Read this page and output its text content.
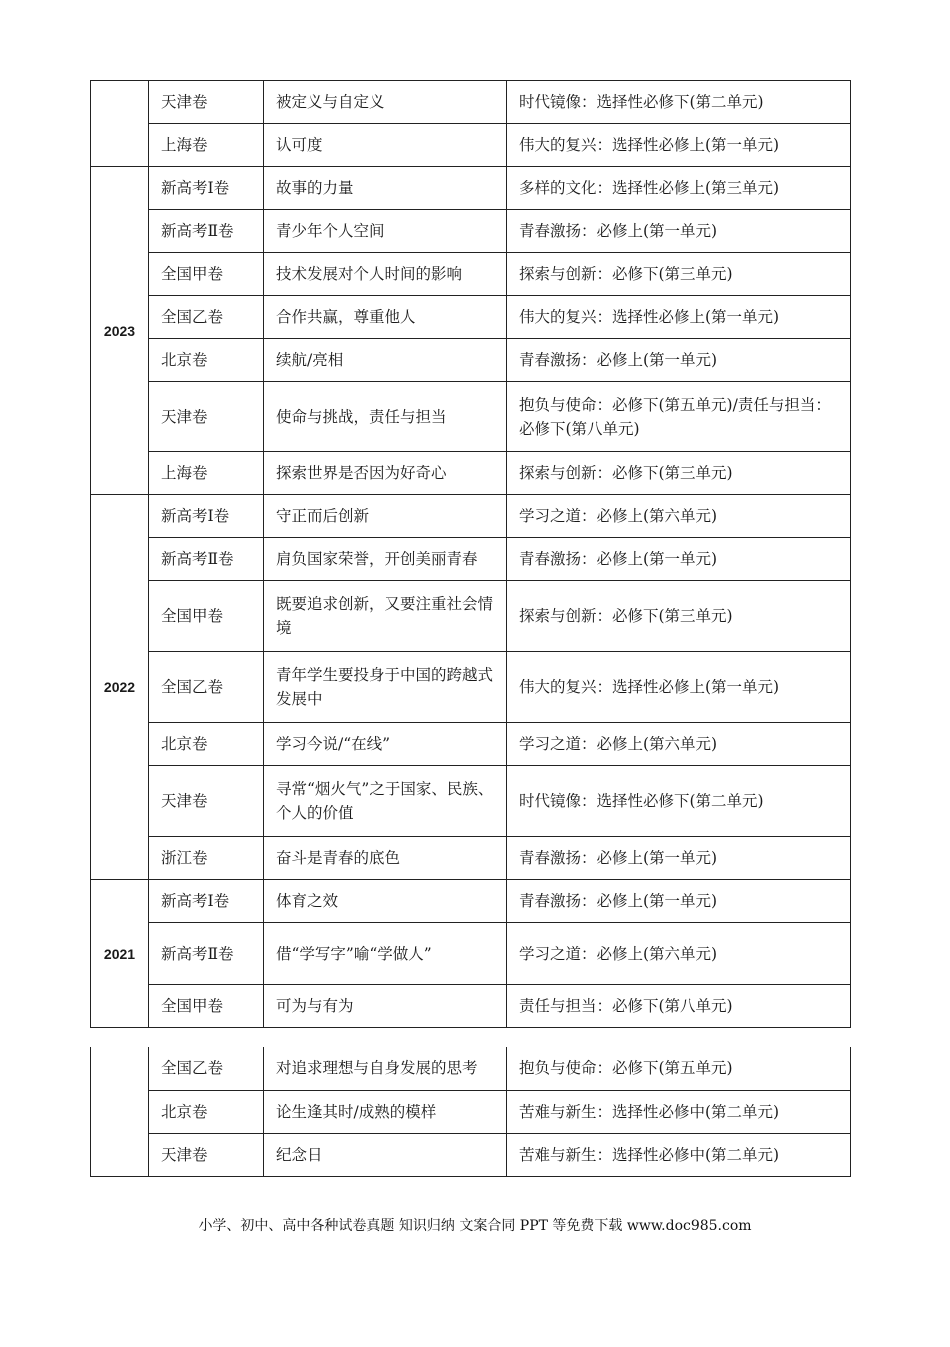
	天津卷	被定义与自定义	时代镜像：选择性必修下(第二单元)
	上海卷	认可度	伟大的复兴：选择性必修上(第一单元)
2023	新高考Ⅰ卷	故事的力量	多样的文化：选择性必修上(第三单元)
	新高考Ⅱ卷	青少年个人空间	青春激扬：必修上(第一单元)
	全国甲卷	技术发展对个人时间的影响	探索与创新：必修下(第三单元)
	全国乙卷	合作共赢，尊重他人	伟大的复兴：选择性必修上(第一单元)
	北京卷	续航/亮相	青春激扬：必修上(第一单元)
	天津卷	使命与挑战，责任与担当	抱负与使命：必修下(第五单元)/责任与担当：必修下(第八单元)
	上海卷	探索世界是否因为好奇心	探索与创新：必修下(第三单元)
2022	新高考Ⅰ卷	守正而后创新	学习之道：必修上(第六单元)
	新高考Ⅱ卷	肩负国家荣誉，开创美丽青春	青春激扬：必修上(第一单元)
	全国甲卷	既要追求创新，又要注重社会情境	探索与创新：必修下(第三单元)
	全国乙卷	青年学生要投身于中国的跨越式发展中	伟大的复兴：选择性必修上(第一单元)
	北京卷	学习今说/“在线”	学习之道：必修上(第六单元)
	天津卷	寻常“烟火气”之于国家、民族、个人的价值	时代镜像：选择性必修下(第二单元)
	浙江卷	奋斗是青春的底色	青春激扬：必修上(第一单元)
2021	新高考Ⅰ卷	体育之效	青春激扬：必修上(第一单元)
	新高考Ⅱ卷	借“学写字”喻“学做人”	学习之道：必修上(第六单元)
	全国甲卷	可为与有为	责任与担当：必修下(第八单元)
	全国乙卷	对追求理想与自身发展的思考	抱负与使命：必修下(第五单元)
	北京卷	论生逢其时/成熟的模样	苦难与新生：选择性必修中(第二单元)
	天津卷	纪念日	苦难与新生：选择性必修中(第二单元)
小学、初中、高中各种试卷真题 知识归纳 文案合同 PPT 等免费下载 www.doc985.com
